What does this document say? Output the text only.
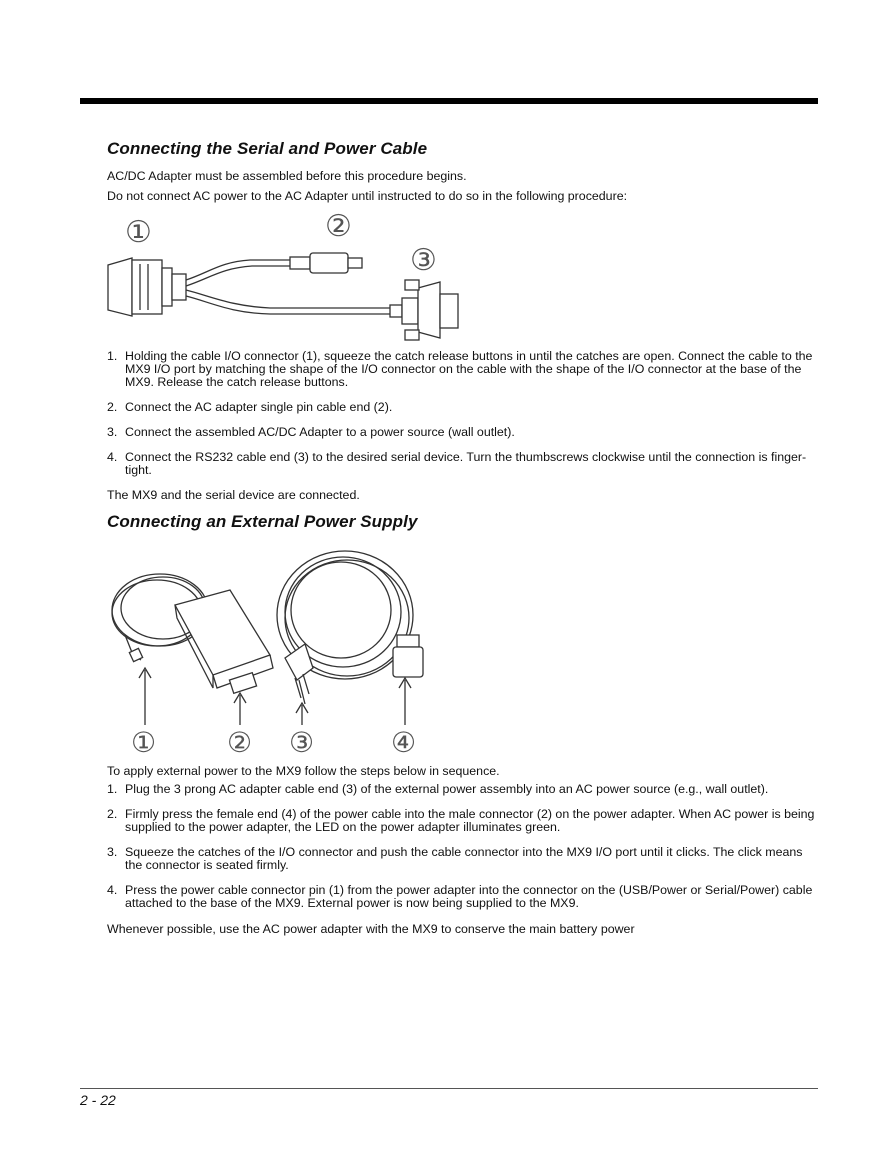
Connecting the Serial and Power Cable

AC/DC Adapter must be assembled before this procedure begins.

Do not connect AC power to the AC Adapter until instructed to do so in the following procedure:

①	②
③
1. Holding the cable I/O connector (1), squeeze the catch release buttons in until the catches are open. Connect the cable to the MX9 I/O port by matching the shape of the I/O connector on the cable with the shape of the I/O connector at the base of the MX9. Release the catch release buttons.
2. Connect the AC adapter single pin cable end (2).
3. Connect the assembled AC/DC Adapter to a power source (wall outlet).
4. Connect the RS232 cable end (3) to the desired serial device. Turn the thumbscrews clockwise until the connection is finger-tight.

The MX9 and the serial device are connected.

Connecting an External Power Supply
①	② ③	④

To apply external power to the MX9 follow the steps below in sequence.

1. Plug the 3 prong AC adapter cable end (3) of the external power assembly into an AC power source (e.g., wall outlet).
2. Firmly press the female end (4) of the power cable into the male connector (2) on the power adapter. When AC power is being supplied to the power adapter, the LED on the power adapter illuminates green.
3. Squeeze the catches of the I/O connector and push the cable connector into the MX9 I/O port until it clicks. The click means the connector is seated firmly.
4. Press the power cable connector pin (1) from the power adapter into the connector on the (USB/Power or Serial/Power) cable attached to the base of the MX9. External power is now being supplied to the MX9.

Whenever possible, use the AC power adapter with the MX9 to conserve the main battery power

2 - 22
